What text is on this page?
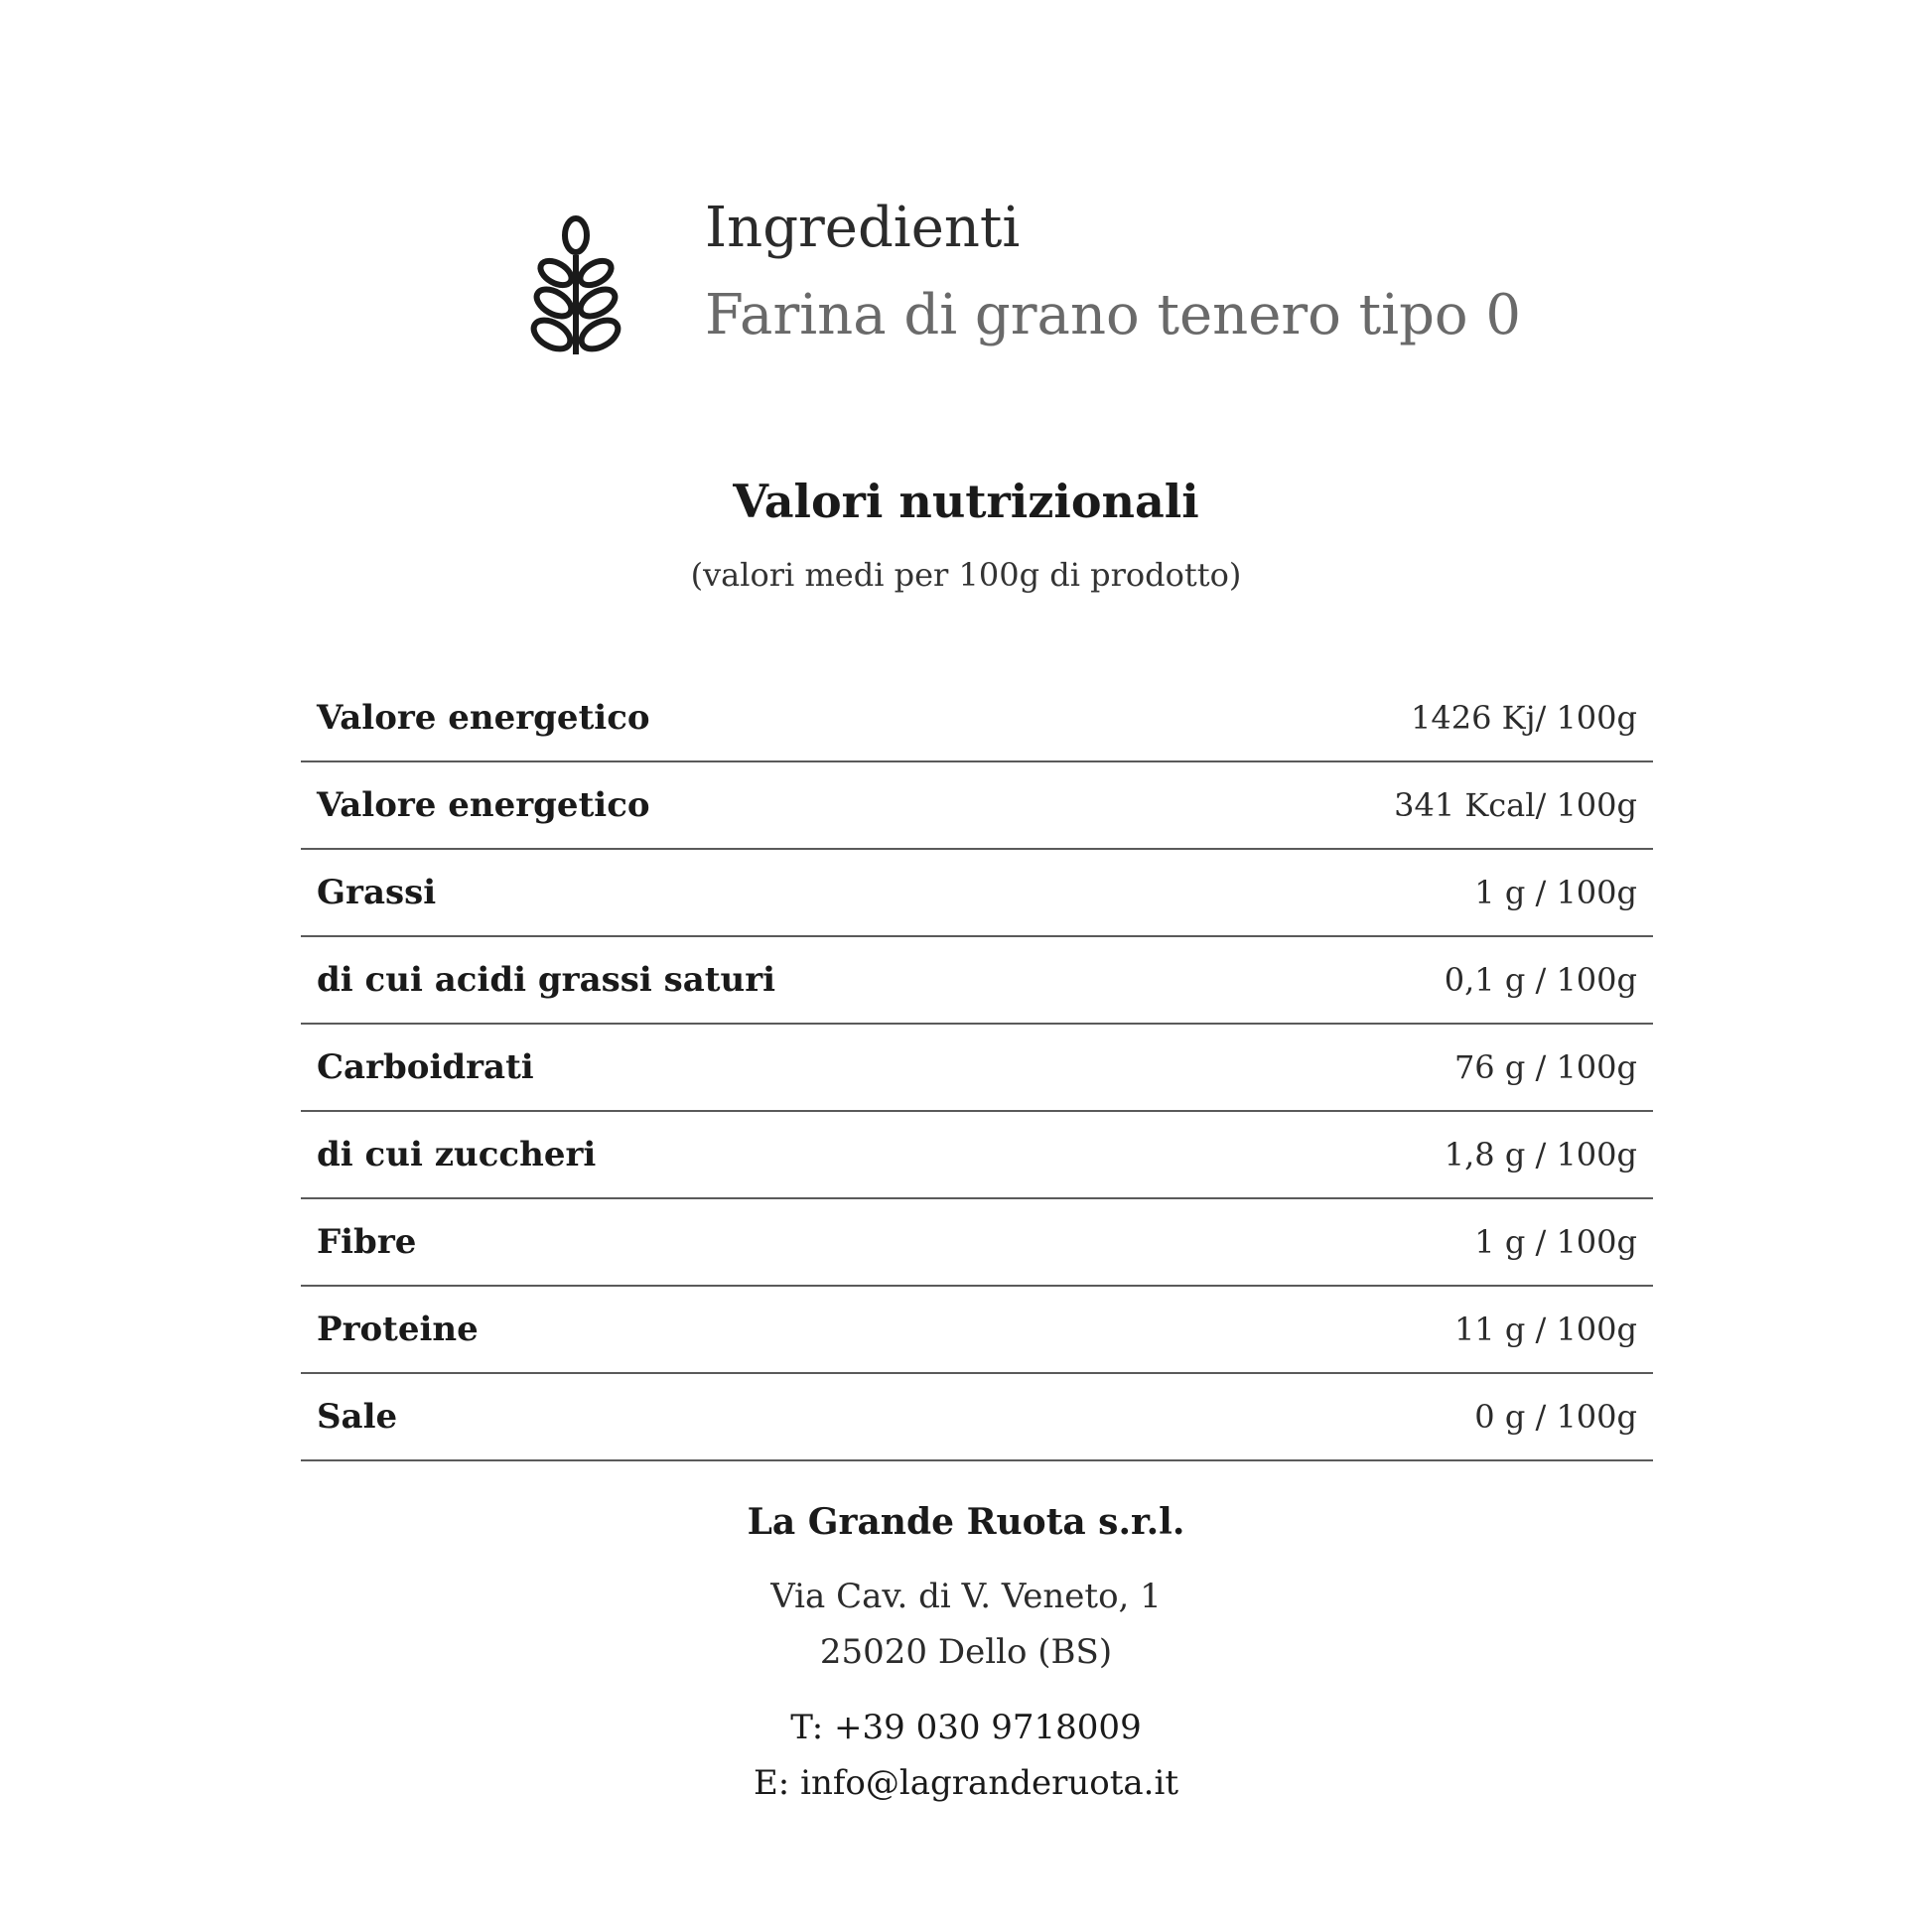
Ingredienti
Farina di grano tenero tipo 0
Valori nutrizionali
(valori medi per 100g di prodotto)
Valore energetico	1426 Kj/ 100g
Valore energetico	341 Kcal/ 100g
Grassi	1 g / 100g
di cui acidi grassi saturi	0,1 g / 100g
Carboidrati	76 g / 100g
di cui zuccheri	1,8 g / 100g
Fibre	1 g / 100g
Proteine	11 g / 100g
Sale	0 g / 100g
La Grande Ruota s.r.l.
Via Cav. di V. Veneto, 1
25020 Dello (BS)
T: +39 030 9718009
E: info@lagranderuota.it
